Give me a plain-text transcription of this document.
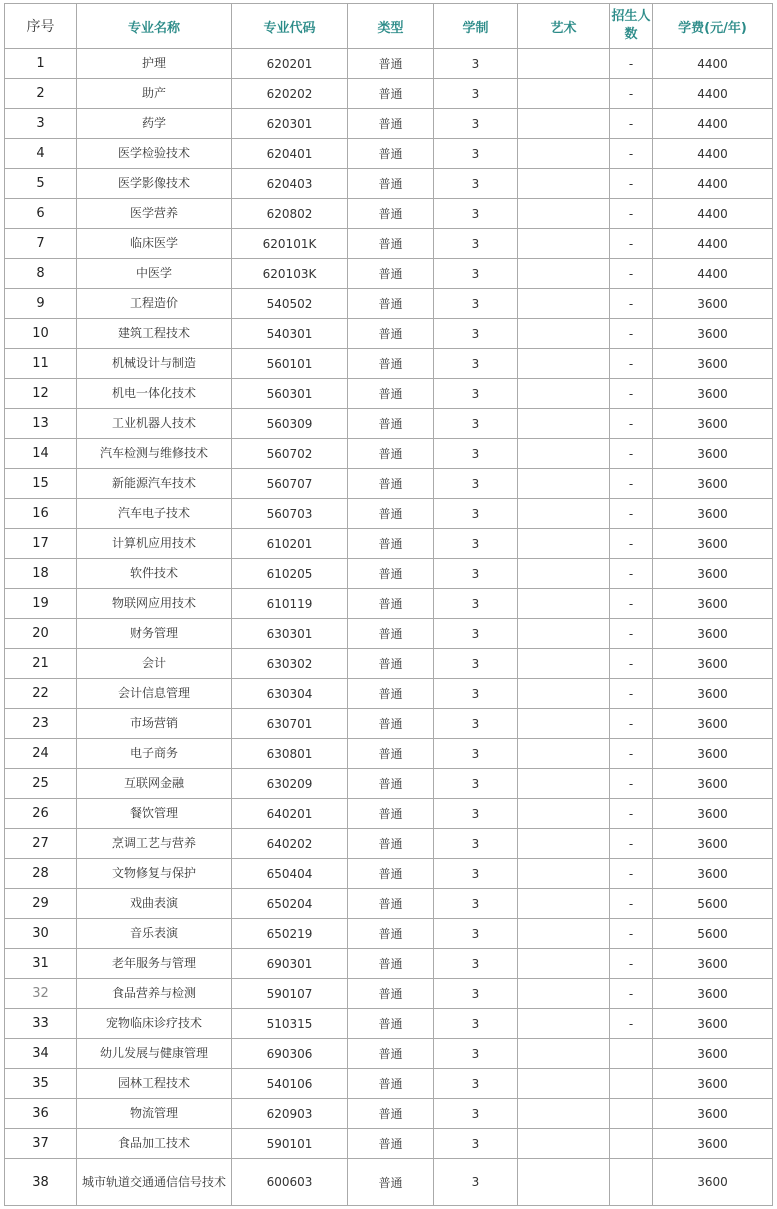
序号	专业名称	专业代码	类型	学制	艺术	招生人数	学费(元/年)
1	护理	620201	普通	3		-	4400
2	助产	620202	普通	3		-	4400
3	药学	620301	普通	3		-	4400
4	医学检验技术	620401	普通	3		-	4400
5	医学影像技术	620403	普通	3		-	4400
6	医学营养	620802	普通	3		-	4400
7	临床医学	620101K	普通	3		-	4400
8	中医学	620103K	普通	3		-	4400
9	工程造价	540502	普通	3		-	3600
10	建筑工程技术	540301	普通	3		-	3600
11	机械设计与制造	560101	普通	3		-	3600
12	机电一体化技术	560301	普通	3		-	3600
13	工业机器人技术	560309	普通	3		-	3600
14	汽车检测与维修技术	560702	普通	3		-	3600
15	新能源汽车技术	560707	普通	3		-	3600
16	汽车电子技术	560703	普通	3		-	3600
17	计算机应用技术	610201	普通	3		-	3600
18	软件技术	610205	普通	3		-	3600
19	物联网应用技术	610119	普通	3		-	3600
20	财务管理	630301	普通	3		-	3600
21	会计	630302	普通	3		-	3600
22	会计信息管理	630304	普通	3		-	3600
23	市场营销	630701	普通	3		-	3600
24	电子商务	630801	普通	3		-	3600
25	互联网金融	630209	普通	3		-	3600
26	餐饮管理	640201	普通	3		-	3600
27	烹调工艺与营养	640202	普通	3		-	3600
28	文物修复与保护	650404	普通	3		-	3600
29	戏曲表演	650204	普通	3		-	5600
30	音乐表演	650219	普通	3		-	5600
31	老年服务与管理	690301	普通	3		-	3600
32	食品营养与检测	590107	普通	3		-	3600
33	宠物临床诊疗技术	510315	普通	3		-	3600
34	幼儿发展与健康管理	690306	普通	3			3600
35	园林工程技术	540106	普通	3			3600
36	物流管理	620903	普通	3			3600
37	食品加工技术	590101	普通	3			3600
38	城市轨道交通通信信号技术	600603	普通	3			3600
